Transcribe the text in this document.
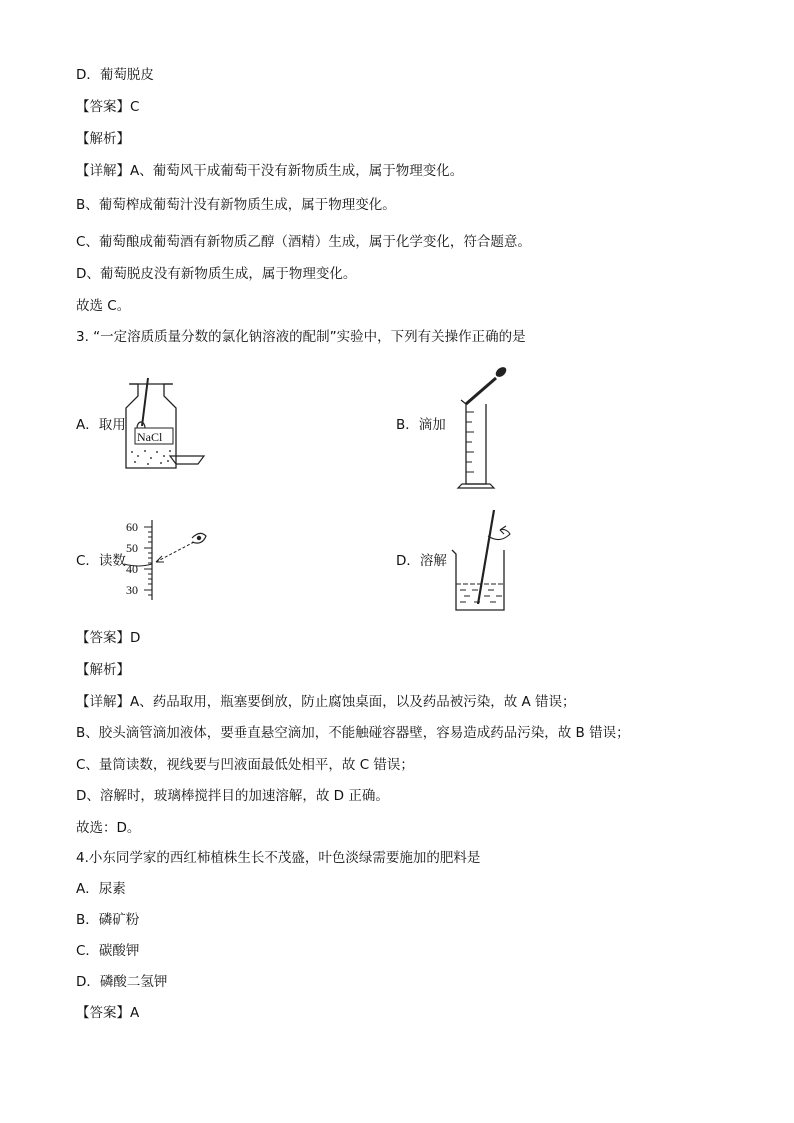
D．葡萄脱皮
【答案】C
【解析】
【详解】A、葡萄风干成葡萄干没有新物质生成，属于物理变化。
B、葡萄榨成葡萄汁没有新物质生成，属于物理变化。
C、葡萄酿成葡萄酒有新物质乙醇（酒精）生成，属于化学变化，符合题意。
D、葡萄脱皮没有新物质生成，属于物理变化。
故选 C。
3. “一定溶质质量分数的氯化钠溶液的配制”实验中，下列有关操作正确的是
A．取用
NaCl
B．滴加
C．读数
60
50
40
30
D．溶解
【答案】D
【解析】
【详解】A、药品取用，瓶塞要倒放，防止腐蚀桌面，以及药品被污染，故 A 错误；
B、胶头滴管滴加液体，要垂直悬空滴加，不能触碰容器壁，容易造成药品污染，故 B 错误；
C、量筒读数，视线要与凹液面最低处相平，故 C 错误；
D、溶解时，玻璃棒搅拌目的加速溶解，故 D 正确。
故选：D。
4.小东同学家的西红柿植株生长不茂盛，叶色淡绿需要施加的肥料是
A．尿素
B．磷矿粉
C．碳酸钾
D．磷酸二氢钾
【答案】A
